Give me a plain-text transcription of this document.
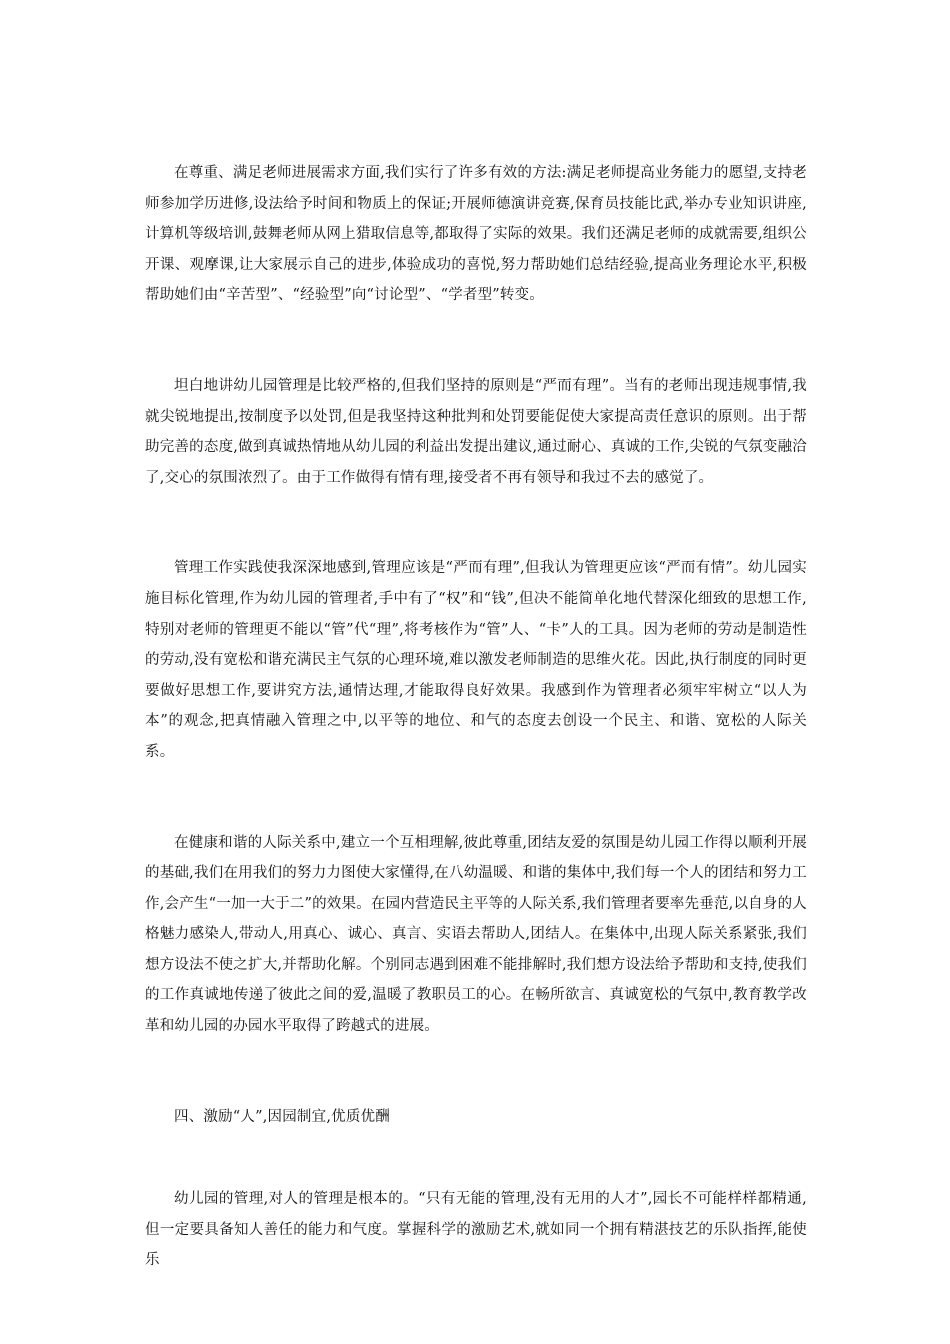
在尊重、满足老师进展需求方面,我们实行了许多有效的方法:满足老师提高业务能力的愿望,支持老师参加学历进修,设法给予时间和物质上的保证;开展师德演讲竞赛,保育员技能比武,举办专业知识讲座,计算机等级培训,鼓舞老师从网上猎取信息等,都取得了实际的效果。我们还满足老师的成就需要,组织公开课、观摩课,让大家展示自己的进步,体验成功的喜悦,努力帮助她们总结经验,提高业务理论水平,积极帮助她们由“辛苦型”、“经验型”向“讨论型”、“学者型”转变。

坦白地讲幼儿园管理是比较严格的,但我们坚持的原则是“严而有理”。当有的老师出现违规事情,我就尖锐地提出,按制度予以处罚,但是我坚持这种批判和处罚要能促使大家提高责任意识的原则。出于帮助完善的态度,做到真诚热情地从幼儿园的利益出发提出建议,通过耐心、真诚的工作,尖锐的气氛变融洽了,交心的氛围浓烈了。由于工作做得有情有理,接受者不再有领导和我过不去的感觉了。

管理工作实践使我深深地感到,管理应该是“严而有理”,但我认为管理更应该“严而有情”。幼儿园实施目标化管理,作为幼儿园的管理者,手中有了“权”和“钱”,但决不能简单化地代替深化细致的思想工作,特别对老师的管理更不能以“管”代“理”,将考核作为“管”人、“卡”人的工具。因为老师的劳动是制造性的劳动,没有宽松和谐充满民主气氛的心理环境,难以激发老师制造的思维火花。因此,执行制度的同时更要做好思想工作,要讲究方法,通情达理,才能取得良好效果。我感到作为管理者必须牢牢树立“以人为本”的观念,把真情融入管理之中,以平等的地位、和气的态度去创设一个民主、和谐、宽松的人际关系。

在健康和谐的人际关系中,建立一个互相理解,彼此尊重,团结友爱的氛围是幼儿园工作得以顺利开展的基础,我们在用我们的努力力图使大家懂得,在八幼温暖、和谐的集体中,我们每一个人的团结和努力工作,会产生“一加一大于二”的效果。在园内营造民主平等的人际关系,我们管理者要率先垂范,以自身的人格魅力感染人,带动人,用真心、诚心、真言、实语去帮助人,团结人。在集体中,出现人际关系紧张,我们想方设法不使之扩大,并帮助化解。个别同志遇到困难不能排解时,我们想方设法给予帮助和支持,使我们的工作真诚地传递了彼此之间的爱,温暖了教职员工的心。在畅所欲言、真诚宽松的气氛中,教育教学改革和幼儿园的办园水平取得了跨越式的进展。

四、激励“人”,因园制宜,优质优酬

幼儿园的管理,对人的管理是根本的。“只有无能的管理,没有无用的人才”,园长不可能样样都精通,但一定要具备知人善任的能力和气度。掌握科学的激励艺术,就如同一个拥有精湛技艺的乐队指挥,能使乐
